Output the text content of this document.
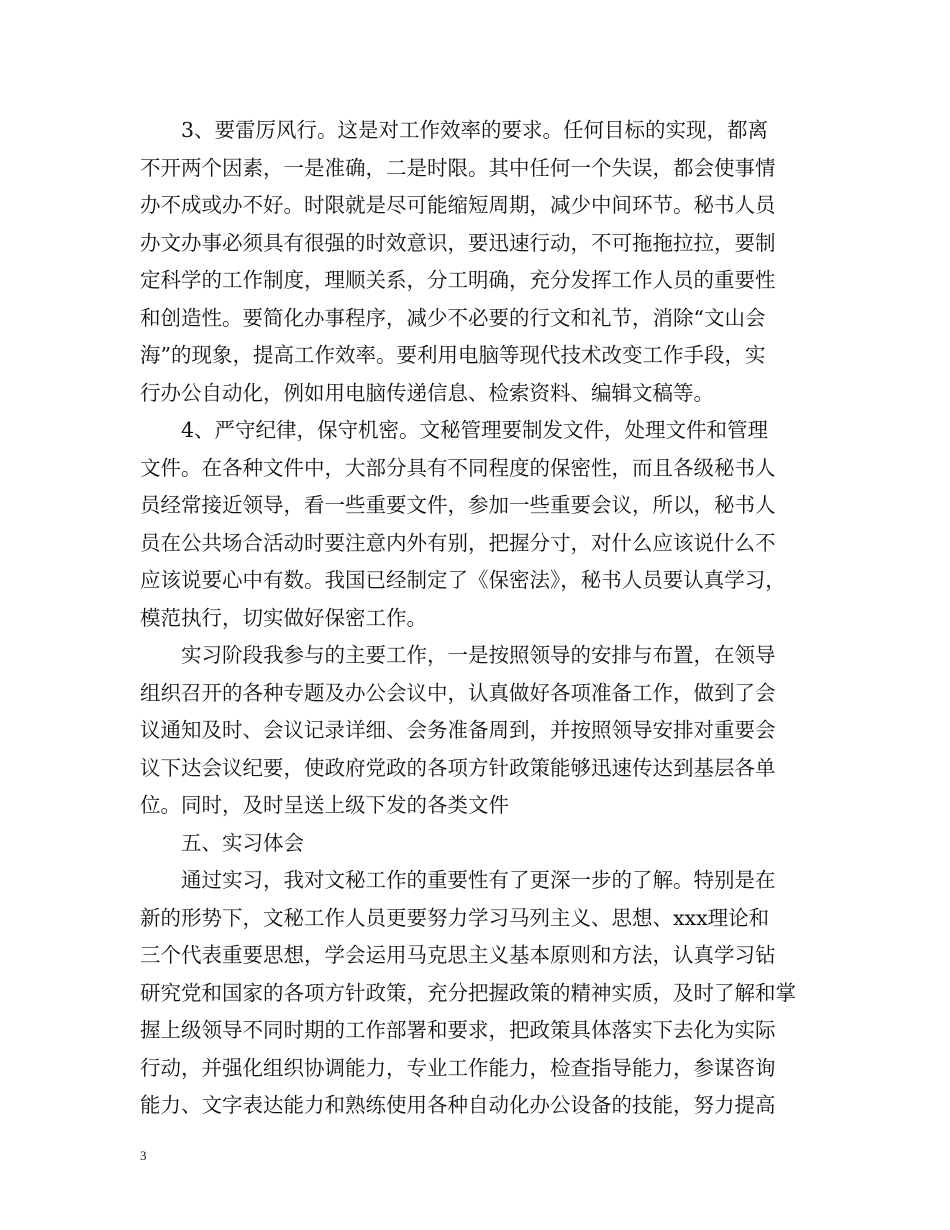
3、要雷厉风行。这是对工作效率的要求。任何目标的实现，都离
不开两个因素，一是准确，二是时限。其中任何一个失误，都会使事情
办不成或办不好。时限就是尽可能缩短周期，减少中间环节。秘书人员
办文办事必须具有很强的时效意识，要迅速行动，不可拖拖拉拉，要制
定科学的工作制度，理顺关系，分工明确，充分发挥工作人员的重要性
和创造性。要简化办事程序，减少不必要的行文和礼节，消除“文山会
海”的现象，提高工作效率。要利用电脑等现代技术改变工作手段，实
行办公自动化，例如用电脑传递信息、检索资料、编辑文稿等。
4、严守纪律，保守机密。文秘管理要制发文件，处理文件和管理
文件。在各种文件中，大部分具有不同程度的保密性，而且各级秘书人
员经常接近领导，看一些重要文件，参加一些重要会议，所以，秘书人
员在公共场合活动时要注意内外有别，把握分寸，对什么应该说什么不
应该说要心中有数。我国已经制定了《保密法》，秘书人员要认真学习，
模范执行，切实做好保密工作。
实习阶段我参与的主要工作，一是按照领导的安排与布置，在领导
组织召开的各种专题及办公会议中，认真做好各项准备工作，做到了会
议通知及时、会议记录详细、会务准备周到，并按照领导安排对重要会
议下达会议纪要，使政府党政的各项方针政策能够迅速传达到基层各单
位。同时，及时呈送上级下发的各类文件
五、实习体会
通过实习，我对文秘工作的重要性有了更深一步的了解。特别是在
新的形势下，文秘工作人员更要努力学习马列主义、思想、xxx理论和
三个代表重要思想，学会运用马克思主义基本原则和方法，认真学习钻
研究党和国家的各项方针政策，充分把握政策的精神实质，及时了解和掌
握上级领导不同时期的工作部署和要求，把政策具体落实下去化为实际
行动，并强化组织协调能力，专业工作能力，检查指导能力，参谋咨询
能力、文字表达能力和熟练使用各种自动化办公设备的技能，努力提高
3
